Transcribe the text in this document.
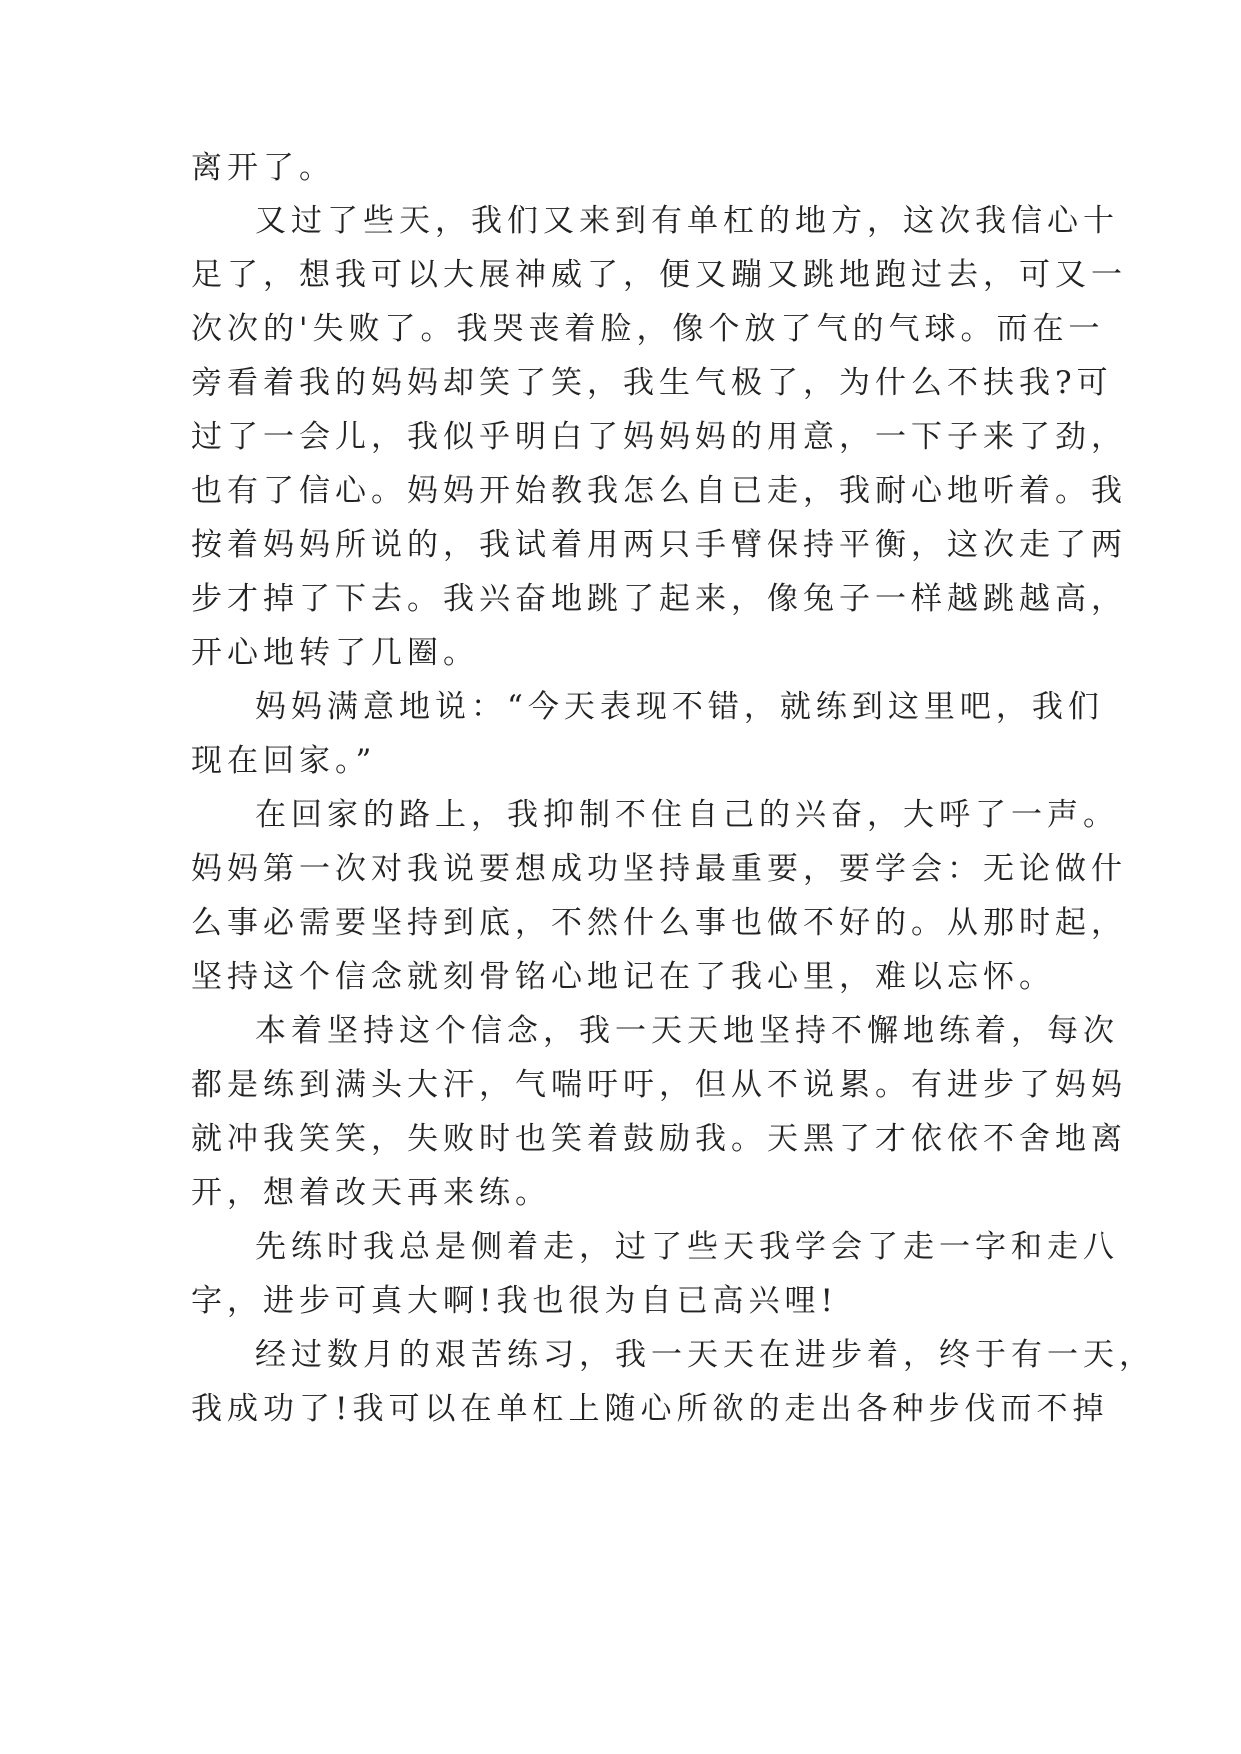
离开了。
又过了些天，我们又来到有单杠的地方，这次我信心十
足了，想我可以大展神威了，便又蹦又跳地跑过去，可又一
次次的'失败了。我哭丧着脸，像个放了气的气球。而在一
旁看着我的妈妈却笑了笑，我生气极了，为什么不扶我?可
过了一会儿，我似乎明白了妈妈妈的用意，一下子来了劲，
也有了信心。妈妈开始教我怎么自已走，我耐心地听着。我
按着妈妈所说的，我试着用两只手臂保持平衡，这次走了两
步才掉了下去。我兴奋地跳了起来，像兔子一样越跳越高，
开心地转了几圈。
妈妈满意地说：“今天表现不错，就练到这里吧，我们
现在回家。”
在回家的路上，我抑制不住自己的兴奋，大呼了一声。
妈妈第一次对我说要想成功坚持最重要，要学会：无论做什
么事必需要坚持到底，不然什么事也做不好的。从那时起，
坚持这个信念就刻骨铭心地记在了我心里，难以忘怀。
本着坚持这个信念，我一天天地坚持不懈地练着，每次
都是练到满头大汗，气喘吁吁，但从不说累。有进步了妈妈
就冲我笑笑，失败时也笑着鼓励我。天黑了才依依不舍地离
开，想着改天再来练。
先练时我总是侧着走，过了些天我学会了走一字和走八
字，进步可真大啊!我也很为自已高兴哩!
经过数月的艰苦练习，我一天天在进步着，终于有一天，
我成功了!我可以在单杠上随心所欲的走出各种步伐而不掉
